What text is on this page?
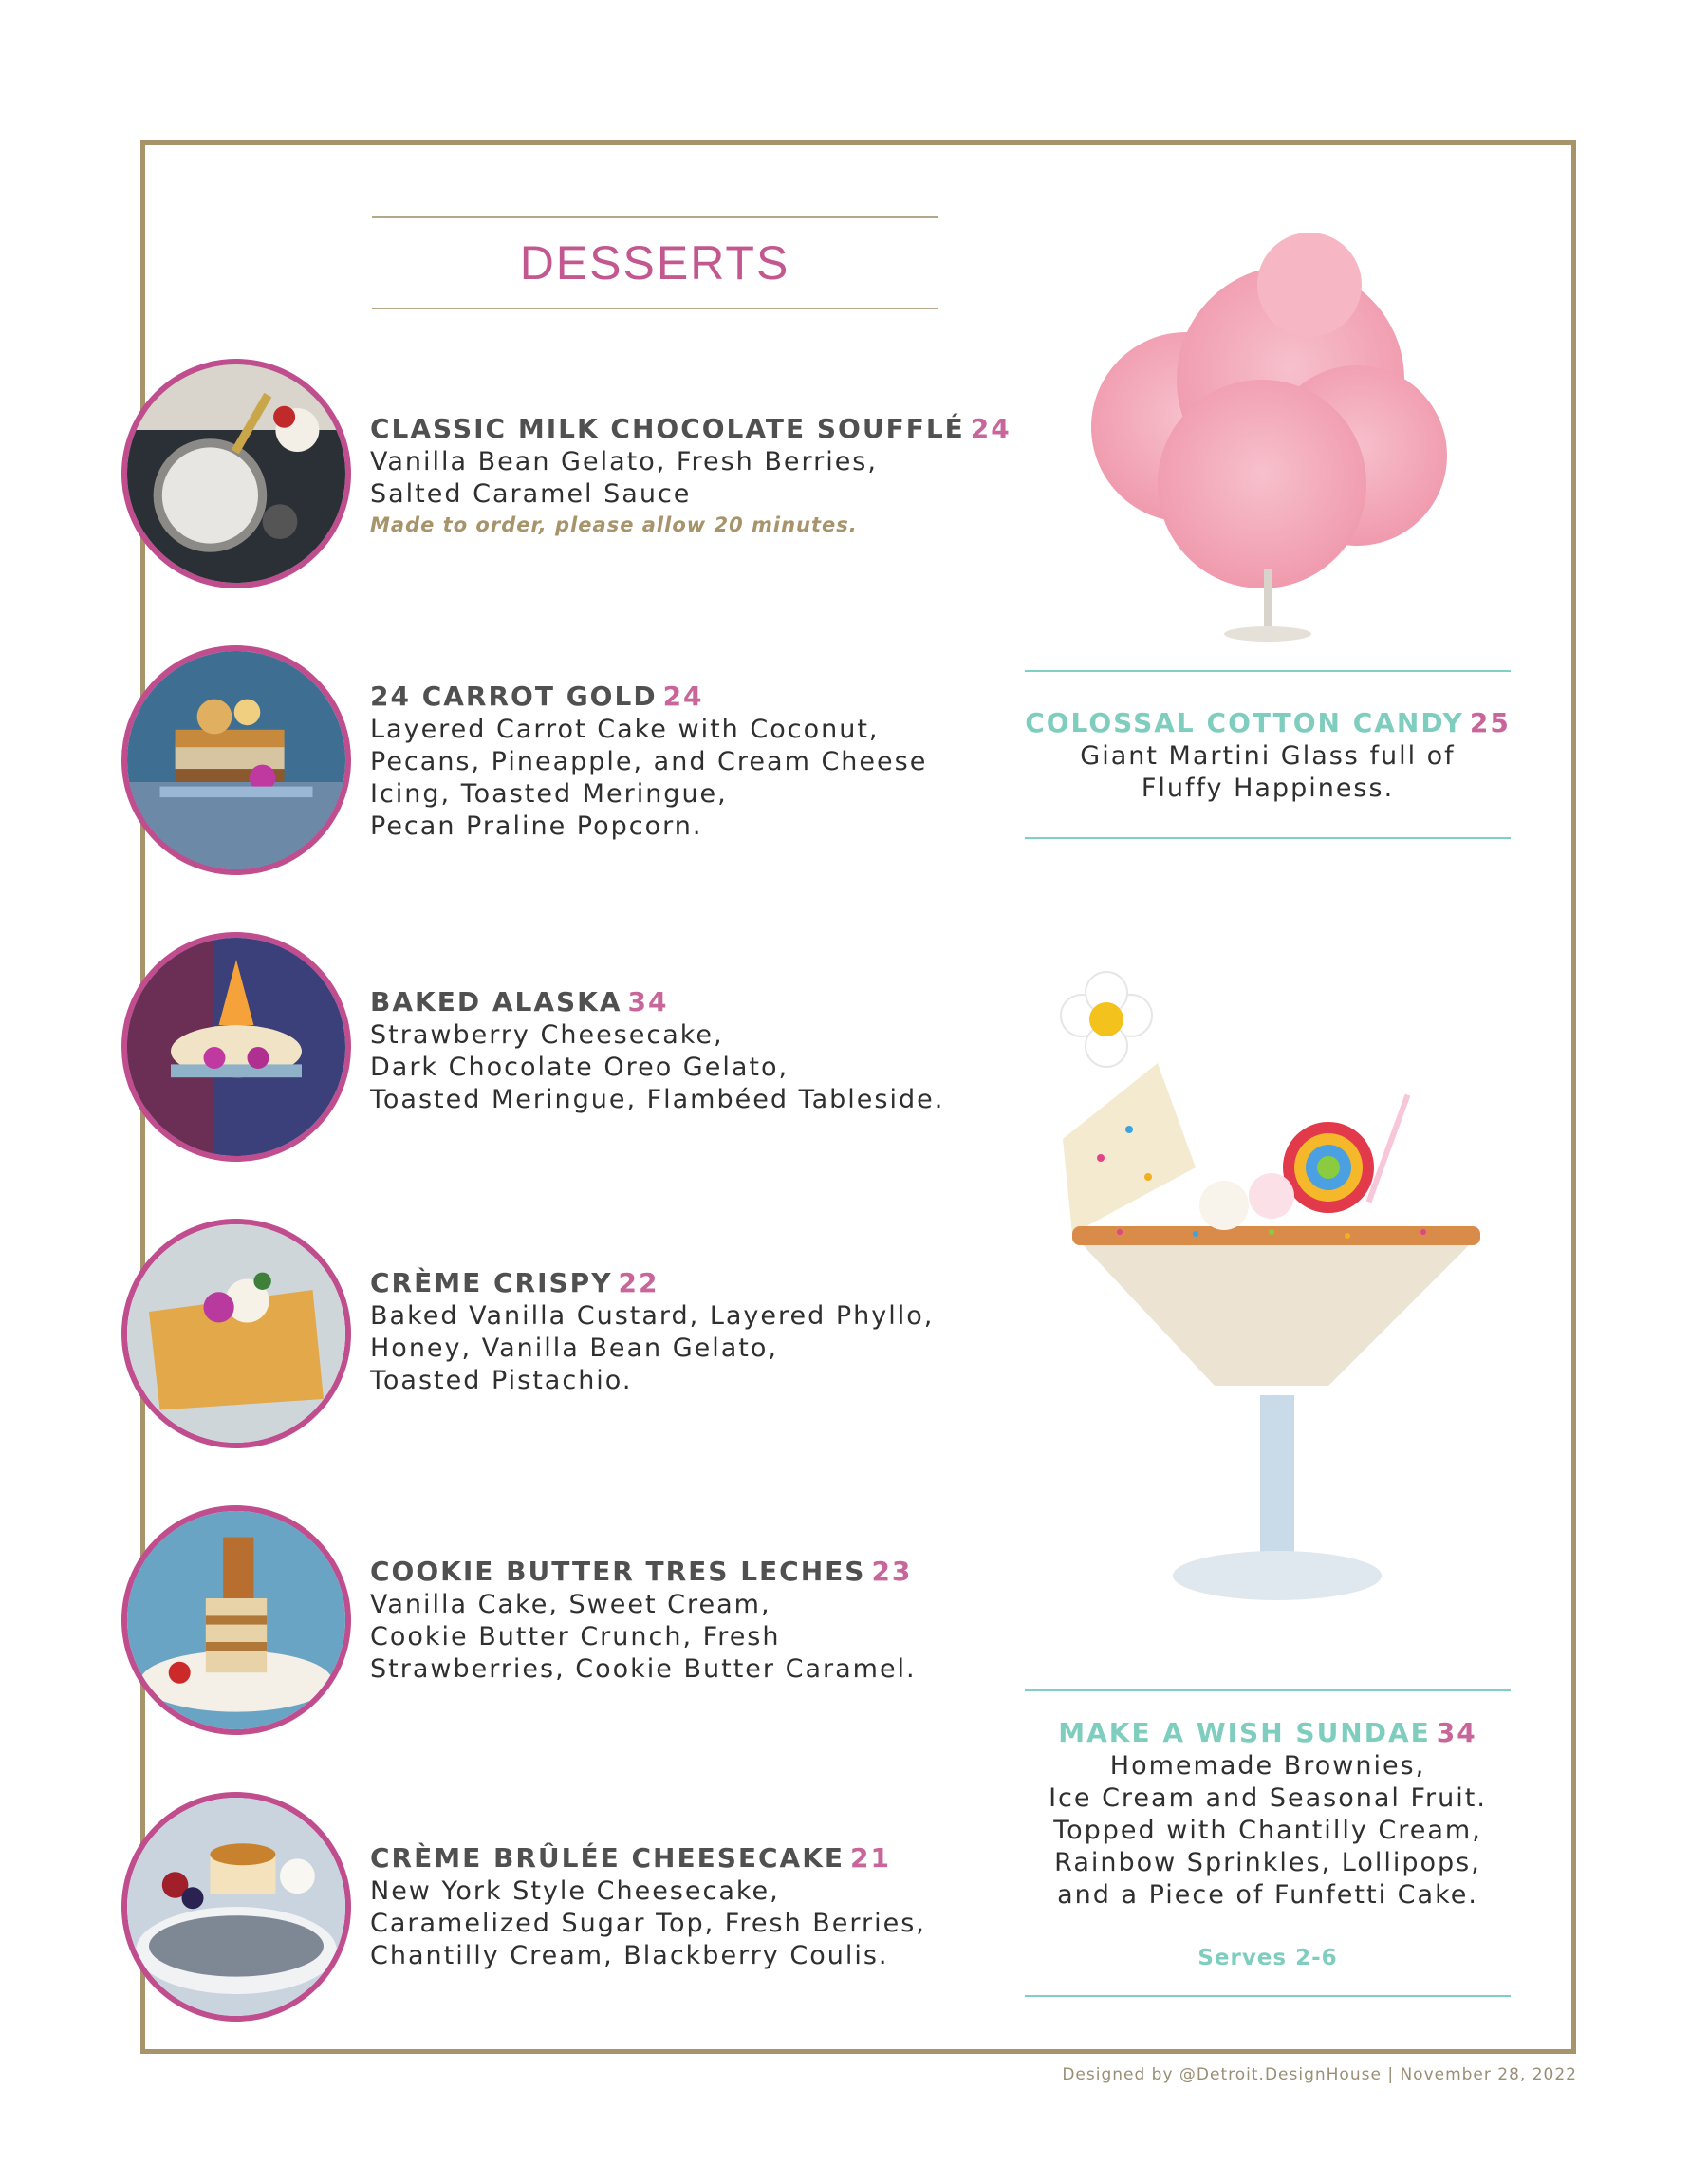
DESSERTS
CLASSIC MILK CHOCOLATE SOUFFLÉ 24
Vanilla Bean Gelato, Fresh Berries,
Salted Caramel Sauce
Made to order, please allow 20 minutes.
24 CARROT GOLD 24
Layered Carrot Cake with Coconut,
Pecans, Pineapple, and Cream Cheese
Icing, Toasted Meringue,
Pecan Praline Popcorn.
BAKED ALASKA 34
Strawberry Cheesecake,
Dark Chocolate Oreo Gelato,
Toasted Meringue, Flambéed Tableside.
CRÈME CRISPY 22
Baked Vanilla Custard, Layered Phyllo,
Honey, Vanilla Bean Gelato,
Toasted Pistachio.
COOKIE BUTTER TRES LECHES 23
Vanilla Cake, Sweet Cream,
Cookie Butter Crunch, Fresh
Strawberries, Cookie Butter Caramel.
CRÈME BRÛLÉE CHEESECAKE 21
New York Style Cheesecake,
Caramelized Sugar Top, Fresh Berries,
Chantilly Cream, Blackberry Coulis.
COLOSSAL COTTON CANDY 25
Giant Martini Glass full of
Fluffy Happiness.
MAKE A WISH SUNDAE 34
Homemade Brownies,
Ice Cream and Seasonal Fruit.
Topped with Chantilly Cream,
Rainbow Sprinkles, Lollipops,
and a Piece of Funfetti Cake.
Serves 2-6
Designed by @Detroit.DesignHouse | November 28, 2022
